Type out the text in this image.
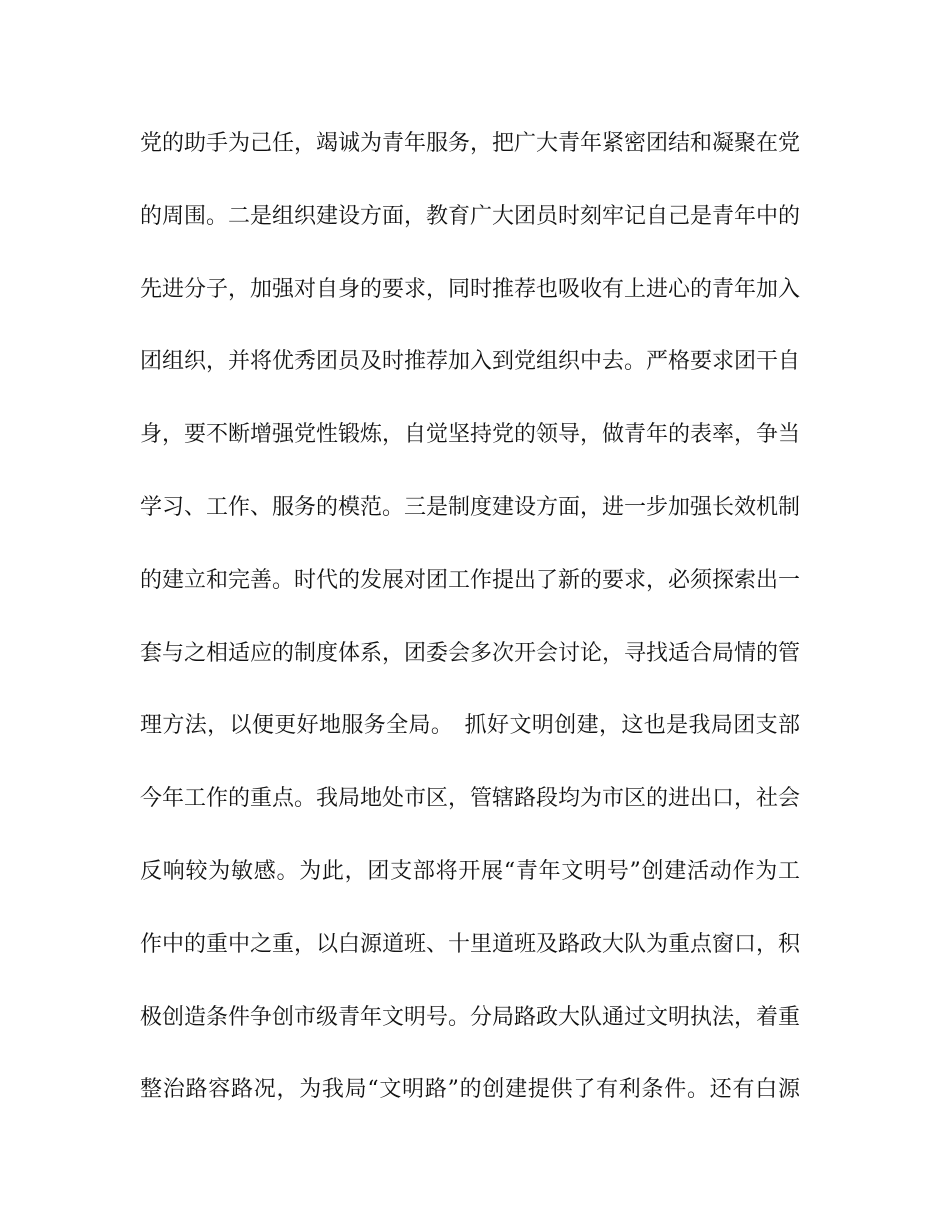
党的助手为己任，竭诚为青年服务，把广大青年紧密团结和凝聚在党
的周围。二是组织建设方面，教育广大团员时刻牢记自己是青年中的
先进分子，加强对自身的要求，同时推荐也吸收有上进心的青年加入
团组织，并将优秀团员及时推荐加入到党组织中去。严格要求团干自
身，要不断增强党性锻炼，自觉坚持党的领导，做青年的表率，争当
学习、工作、服务的模范。三是制度建设方面，进一步加强长效机制
的建立和完善。时代的发展对团工作提出了新的要求，必须探索出一
套与之相适应的制度体系，团委会多次开会讨论，寻找适合局情的管
理方法，以便更好地服务全局。　抓好文明创建，这也是我局团支部
今年工作的重点。我局地处市区，管辖路段均为市区的进出口，社会
反响较为敏感。为此，团支部将开展“青年文明号”创建活动作为工
作中的重中之重，以白源道班、十里道班及路政大队为重点窗口，积
极创造条件争创市级青年文明号。分局路政大队通过文明执法，着重
整治路容路况，为我局“文明路”的创建提供了有利条件。还有白源
